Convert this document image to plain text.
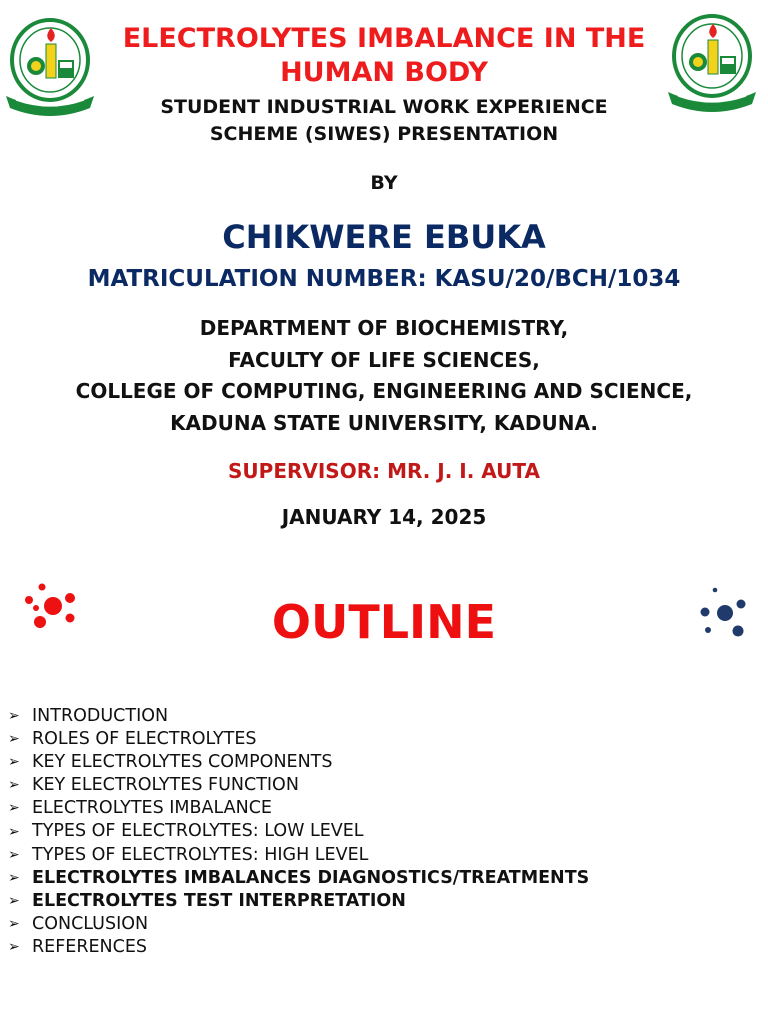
ELECTROLYTES IMBALANCE IN THE
HUMAN BODY
STUDENT INDUSTRIAL WORK EXPERIENCE
SCHEME (SIWES) PRESENTATION
BY
CHIKWERE EBUKA
MATRICULATION NUMBER: KASU/20/BCH/1034
DEPARTMENT OF BIOCHEMISTRY,
FACULTY OF LIFE SCIENCES,
COLLEGE OF COMPUTING, ENGINEERING AND SCIENCE,
KADUNA STATE UNIVERSITY, KADUNA.
SUPERVISOR: MR. J. I. AUTA
JANUARY 14, 2025
OUTLINE
➢ INTRODUCTION
➢ ROLES OF ELECTROLYTES
➢ KEY ELECTROLYTES COMPONENTS
➢ KEY ELECTROLYTES FUNCTION
➢ ELECTROLYTES IMBALANCE
➢ TYPES OF ELECTROLYTES: LOW LEVEL
➢ TYPES OF ELECTROLYTES: HIGH LEVEL
➢ ELECTROLYTES IMBALANCES DIAGNOSTICS/TREATMENTS
➢ ELECTROLYTES TEST INTERPRETATION
➢ CONCLUSION
➢ REFERENCES
